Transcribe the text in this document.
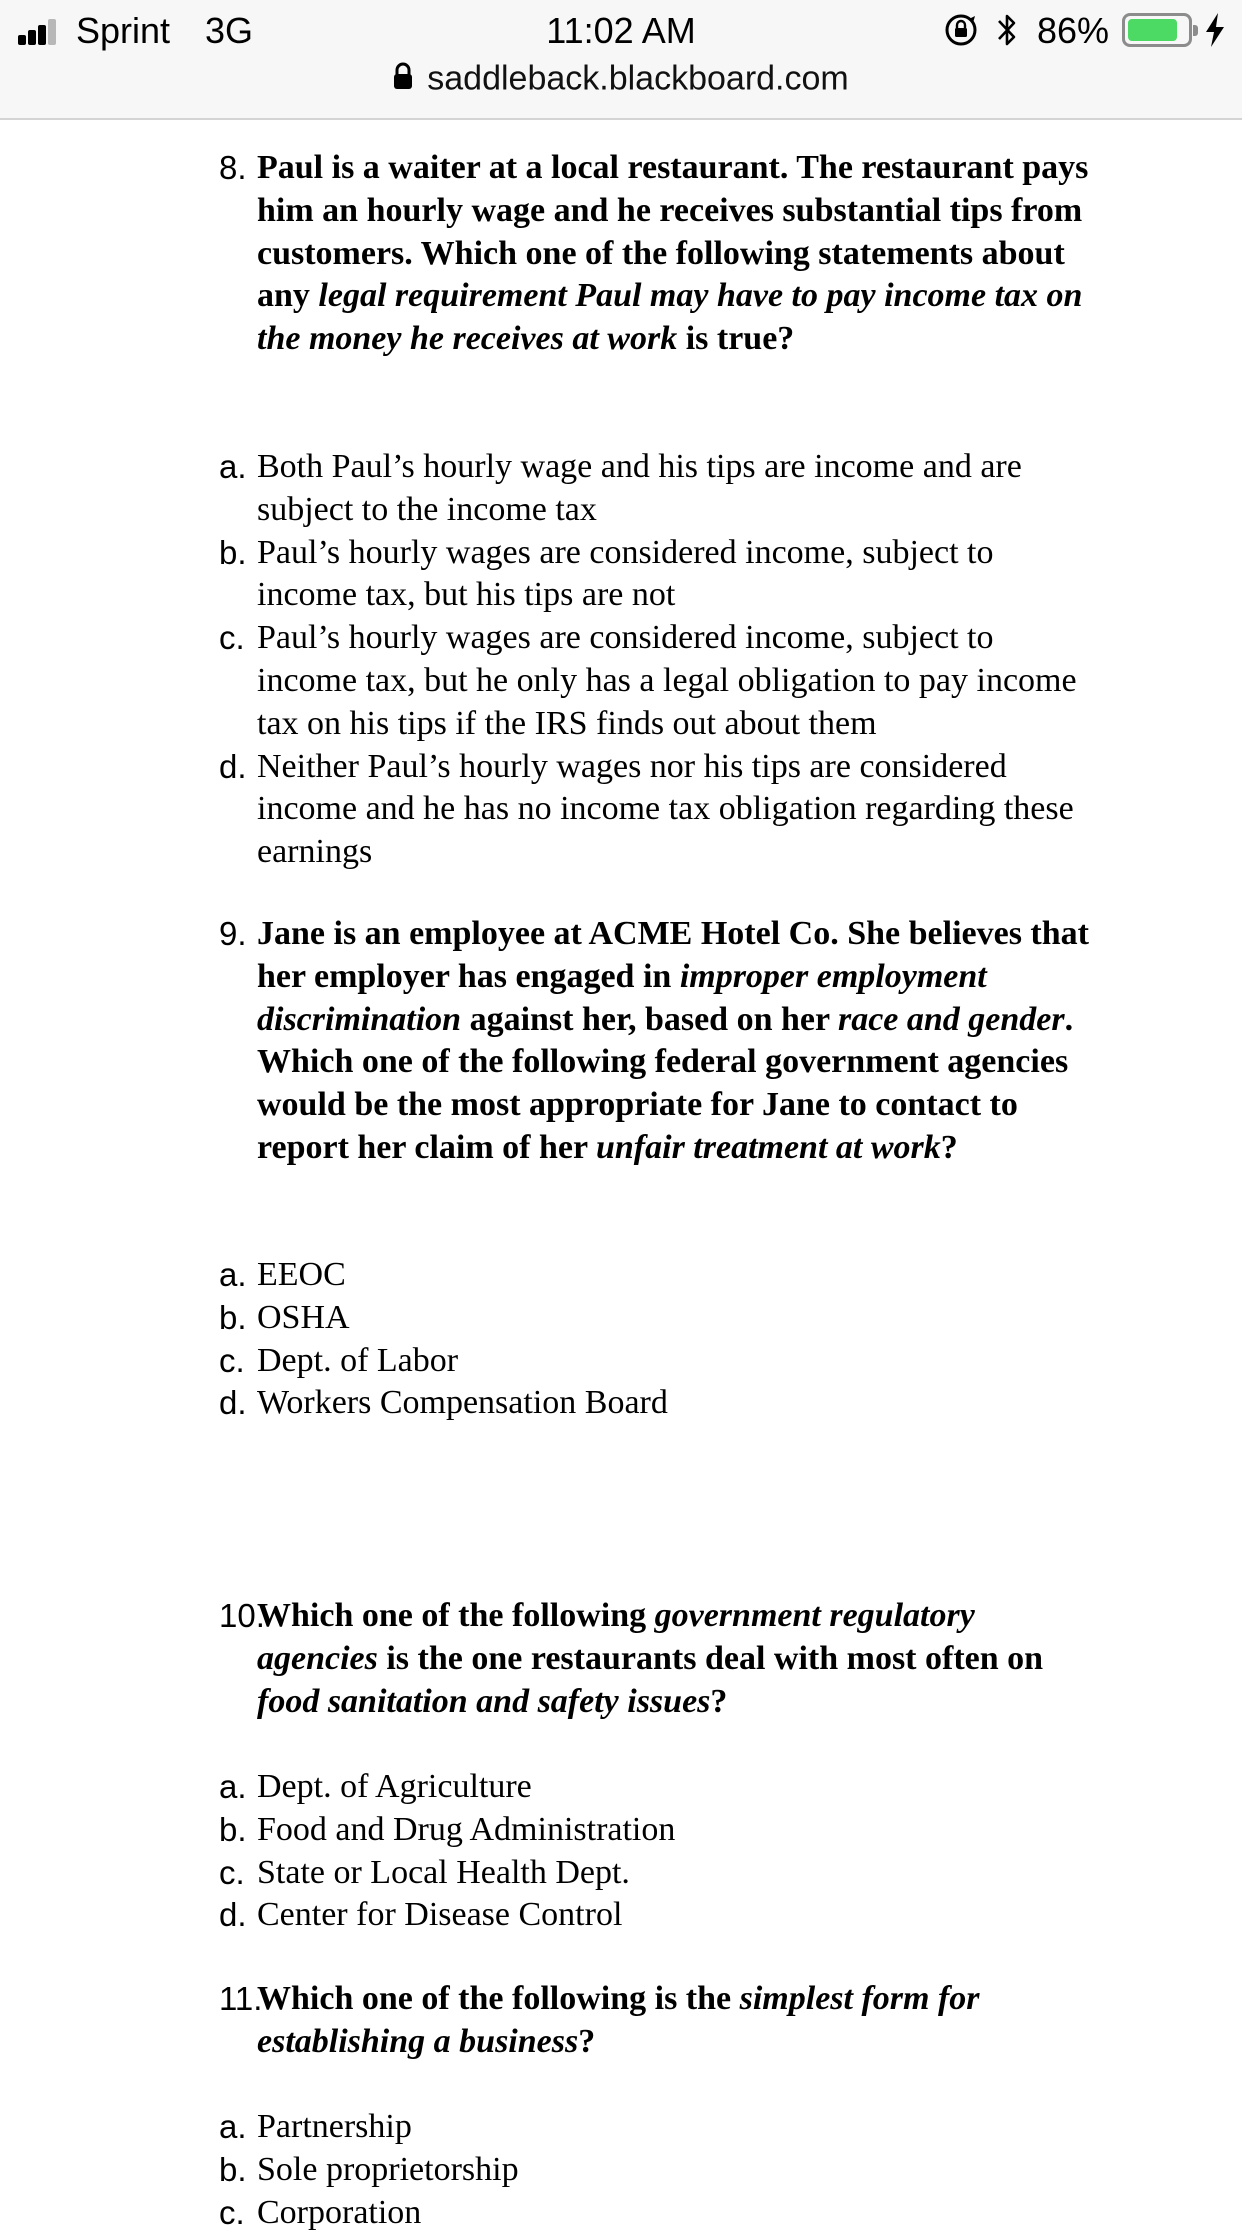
Sprint 3G	11:02 AM	86%
saddleback.blackboard.com

8. Paul is a waiter at a local restaurant. The restaurant pays him an hourly wage and he receives substantial tips from customers. Which one of the following statements about any legal requirement Paul may have to pay income tax on the money he receives at work is true?

a. Both Paul’s hourly wage and his tips are income and are subject to the income tax
b. Paul’s hourly wages are considered income, subject to income tax, but his tips are not
c. Paul’s hourly wages are considered income, subject to income tax, but he only has a legal obligation to pay income tax on his tips if the IRS finds out about them
d. Neither Paul’s hourly wages nor his tips are considered income and he has no income tax obligation regarding these earnings

9. Jane is an employee at ACME Hotel Co. She believes that her employer has engaged in improper employment discrimination against her, based on her race and gender. Which one of the following federal government agencies would be the most appropriate for Jane to contact to report her claim of her unfair treatment at work?

a. EEOC
b. OSHA
c. Dept. of Labor
d. Workers Compensation Board

10.
Which one of the following government regulatory agencies is the one restaurants deal with most often on food sanitation and safety issues?

a. Dept. of Agriculture
b. Food and Drug Administration
c. State or Local Health Dept.
d. Center for Disease Control

11.
Which one of the following is the simplest form for establishing a business?

a. Partnership
b. Sole proprietorship
c. Corporation
